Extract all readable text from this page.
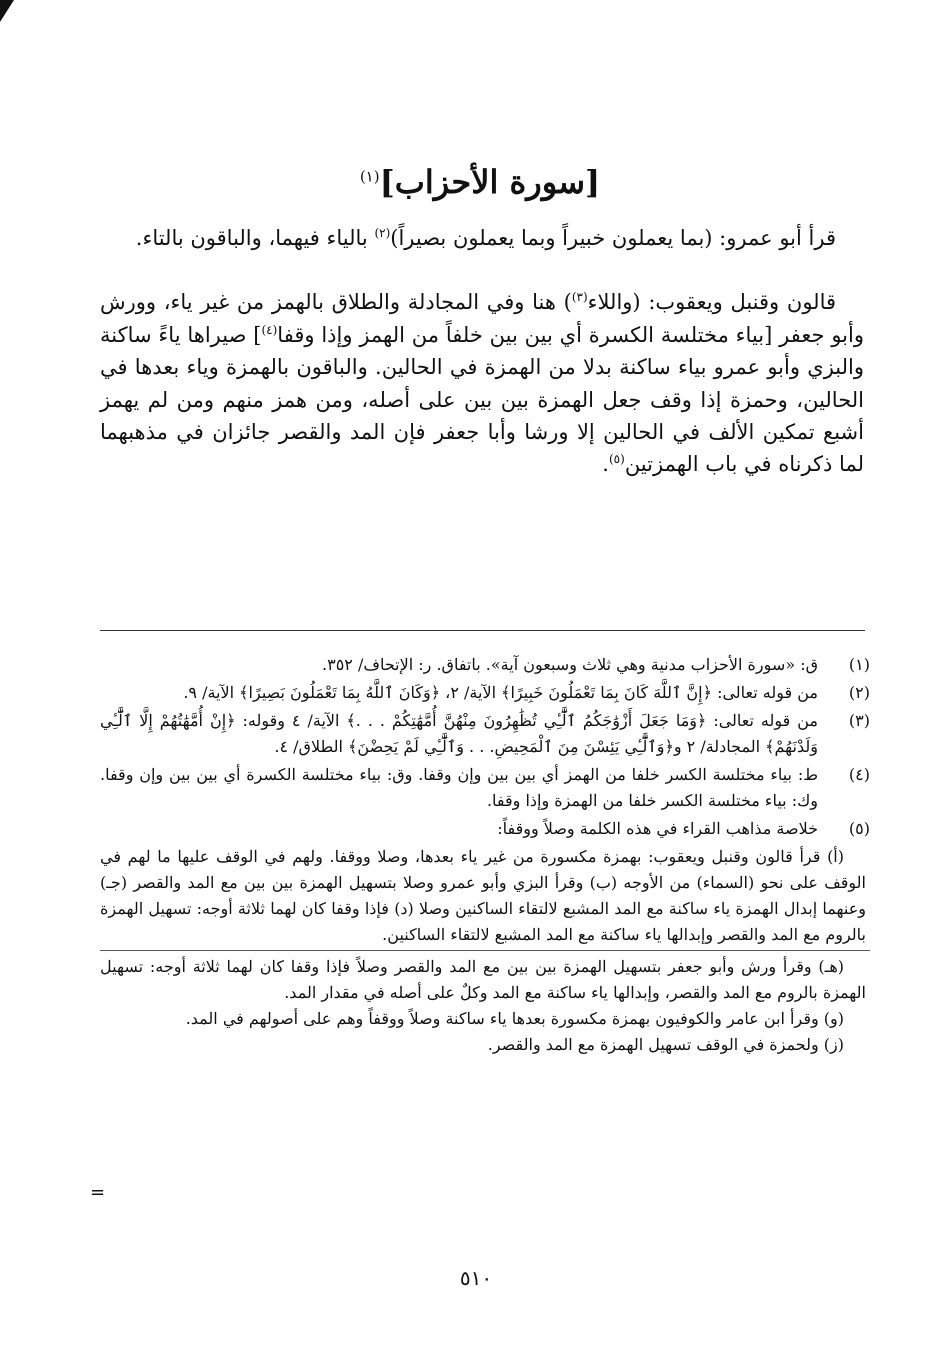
[سورة الأحزاب]$^{(١)}$

قرأ أبو عمرو: (بما يعملون خبيراً وبما يعملون بصيراً)$^{(٢)}$ بالياء فيهما، والباقون بالتاء.

قالون وقنبل ويعقوب: (واللاء$^{(٣)}$) هنا وفي المجادلة والطلاق بالهمز من غير ياء، وورش وأبو جعفر [بياء مختلسة الكسرة أي بين بين خلفاً من الهمز وإذا وقفا$^{(٤)}$] صيراها ياءً ساكنة والبزي وأبو عمرو بياء ساكنة بدلا من الهمزة في الحالين. والباقون بالهمزة وياء بعدها في الحالين، وحمزة إذا وقف جعل الهمزة بين بين على أصله، ومن همز منهم ومن لم يهمز أشبع تمكين الألف في الحالين إلا ورشا وأبا جعفر فإن المد والقصر جائزان في مذهبهما لما ذكرناه في باب الهمزتين$^{(٥)}$.

(١)
ق: «سورة الأحزاب مدنية وهي ثلاث وسبعون آية». باتفاق. ر: الإتحاف/ ٣٥٢.
(٢)
من قوله تعالى: ﴿إِنَّ ٱللَّهَ كَانَ بِمَا تَعْمَلُونَ خَبِيرًا﴾ الآية/ ٢، ﴿وَكَانَ ٱللَّهُ بِمَا تَعْمَلُونَ بَصِيرًا﴾ الآية/ ٩.
(٣)
من قوله تعالى: ﴿وَمَا جَعَلَ أَزْوَٰجَكُمُ ٱلَّٰٓـِٔي تُظَٰهِرُونَ مِنْهُنَّ أُمَّهَٰتِكُمْ . . .﴾ الآية/ ٤ وقوله: ﴿إِنْ أُمَّهَٰتُهُمْ إِلَّا ٱلَّٰٓـِٔي وَلَدْنَهُمْ﴾ المجادلة/ ٢ و﴿وَٱلَّٰٓـِٔي يَئِسْنَ مِنَ ٱلْمَحِيضِ. . . وَٱلَّٰٓـِٔي لَمْ يَحِضْنَ﴾ الطلاق/ ٤.
(٤)
ط: بياء مختلسة الكسر خلفا من الهمز أي بين بين وإن وقفا. وق: بياء مختلسة الكسرة أي بين بين وإن وقفا. وك: بياء مختلسة الكسر خلفا من الهمزة وإذا وقفا.
(٥)
خلاصة مذاهب القراء في هذه الكلمة وصلاً ووقفاً:
(أ) قرأ قالون وقنبل ويعقوب: بهمزة مكسورة من غير ياء بعدها، وصلا ووقفا. ولهم في الوقف عليها ما لهم في الوقف على نحو (السماء) من الأوجه (ب) وقرأ البزي وأبو عمرو وصلا بتسهيل الهمزة بين بين مع المد والقصر (جـ) وعنهما إبدال الهمزة ياء ساكنة مع المد المشبع لالتقاء الساكنين وصلا (د) فإذا وقفا كان لهما ثلاثة أوجه: تسهيل الهمزة بالروم مع المد والقصر وإبدالها ياء ساكنة مع المد المشبع لالتقاء الساكنين.
(هـ) وقرأ ورش وأبو جعفر بتسهيل الهمزة بين بين مع المد والقصر وصلاً فإذا وقفا كان لهما ثلاثة أوجه: تسهيل الهمزة بالروم مع المد والقصر، وإبدالها ياء ساكنة مع المد وكلٌ على أصله في مقدار المد.
(و) وقرأ ابن عامر والكوفيون بهمزة مكسورة بعدها ياء ساكنة وصلاً ووقفاً وهم على أصولهم في المد.
(ز) ولحمزة في الوقف تسهيل الهمزة مع المد والقصر.
=
٥١٠
